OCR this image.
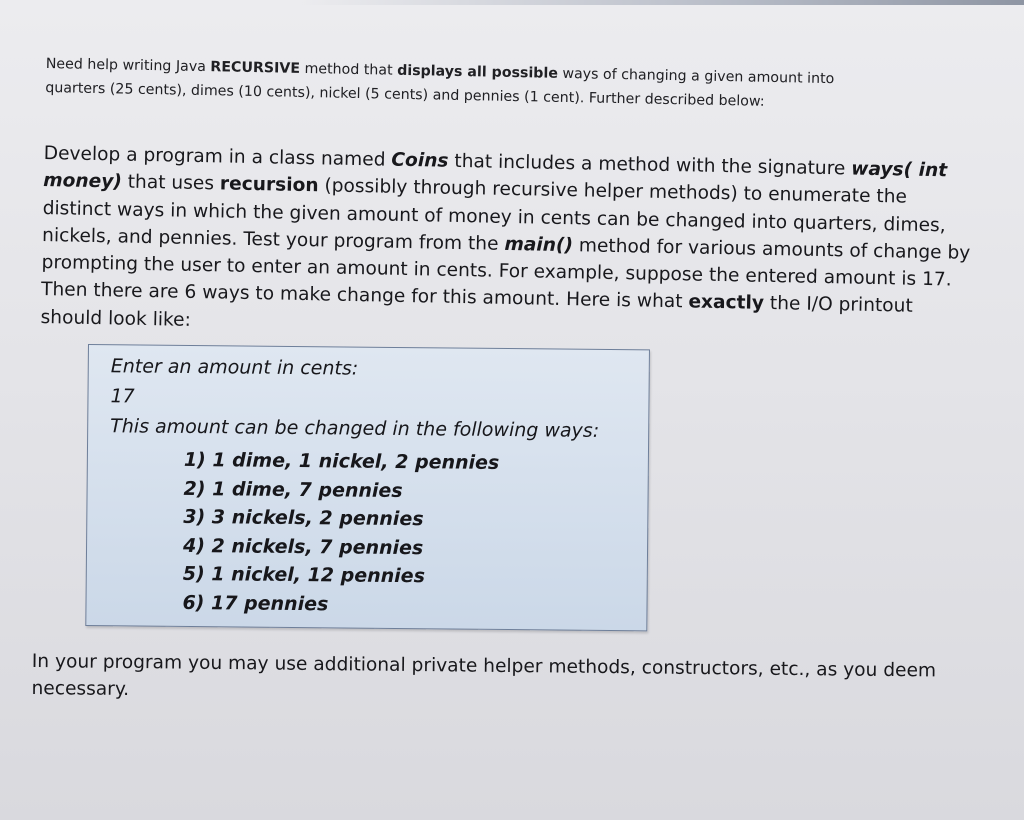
Need help writing Java RECURSIVE method that displays all possible ways of changing a given amount into quarters (25 cents), dimes (10 cents), nickel (5 cents) and pennies (1 cent). Further described below:
Develop a program in a class named Coins that includes a method with the signature ways( int money) that uses recursion (possibly through recursive helper methods) to enumerate the distinct ways in which the given amount of money in cents can be changed into quarters, dimes, nickels, and pennies. Test your program from the main() method for various amounts of change by prompting the user to enter an amount in cents. For example, suppose the entered amount is 17. Then there are 6 ways to make change for this amount. Here is what exactly the I/O printout should look like:
Enter an amount in cents:
17
This amount can be changed in the following ways:
1) 1 dime, 1 nickel, 2 pennies
2) 1 dime, 7 pennies
3) 3 nickels, 2 pennies
4) 2 nickels, 7 pennies
5) 1 nickel, 12 pennies
6) 17 pennies
In your program you may use additional private helper methods, constructors, etc., as you deem necessary.
